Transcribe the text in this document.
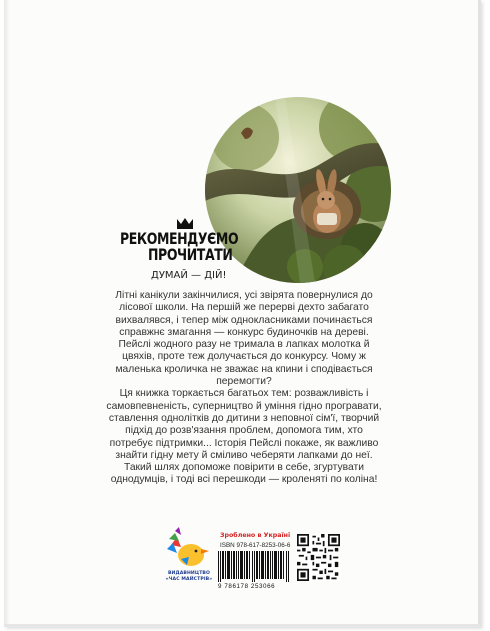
РЕКОМЕНДУЄМО
ПРОЧИТАТИ
ДУМАЙ — ДІЙ!

Літні канікули закінчилися, усі звірята повернулися до лісової школи. На першій же перерві дехто забагато вихвалявся, і тепер між однокласниками починається справжнє змагання — конкурс будиночків на дереві. Пейслі жодного разу не тримала в лапках молотка й цвяхів, проте теж долучається до конкурсу. Чому ж маленька кроличка не зважає на кпини і сподівається перемогти?

Ця книжка торкається багатьох тем: розважливість і самовпевненість, суперництво й уміння гідно програвати, ставлення однолітків до дитини з неповної сім'ї, творчий підхід до розв'язання проблем, допомога тим, хто потребує підтримки... Історія Пейслі покаже, як важливо знайти гідну мету й сміливо чеберяти лапками до неї. Такий шлях допоможе повірити в себе, згуртувати однодумців, і тоді всі перешкоди — кроленяті по коліна!

ВИДАВНИЦТВО
«ЧАС МАЙСТРІВ»
Зроблено в Україні
ISBN 978-617-8253-06-6
9 786178 253066
